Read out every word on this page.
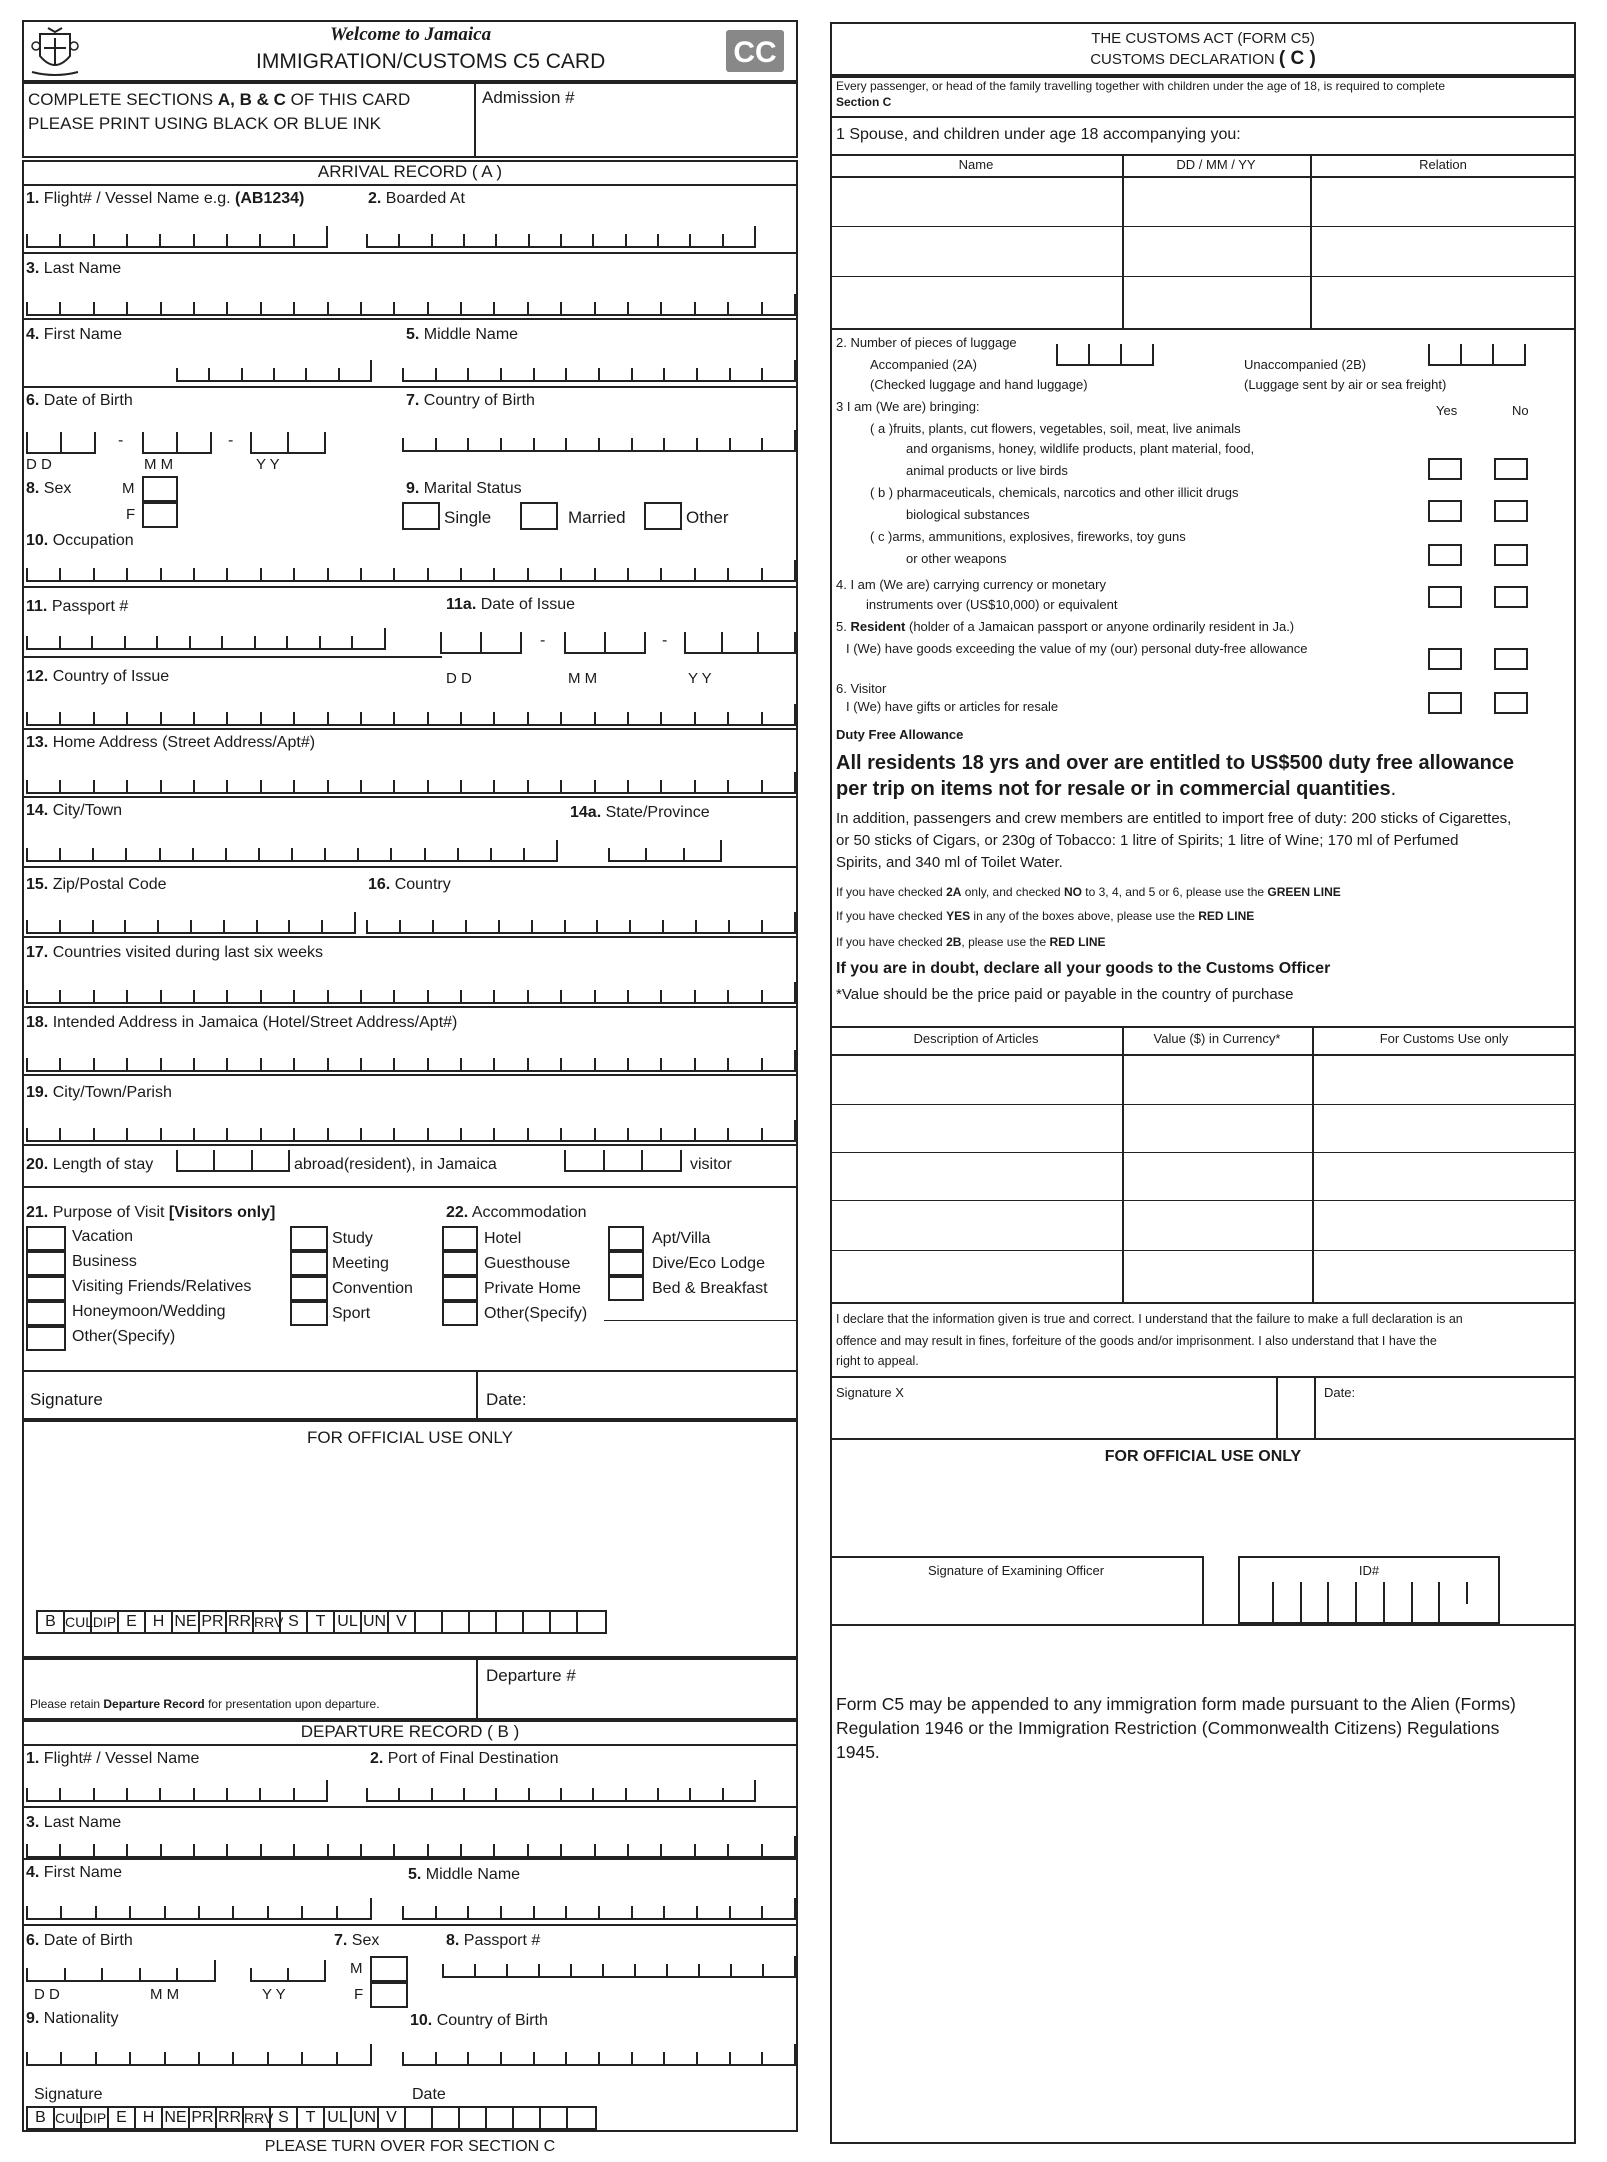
Welcome to Jamaica
IMMIGRATION/CUSTOMS C5 CARD	CC
COMPLETE SECTIONS A, B & C OF THIS CARD
PLEASE PRINT USING BLACK OR BLUE INK
Admission #
ARRIVAL RECORD ( A )
1. Flight# / Vessel Name e.g. (AB1234)	2. Boarded At
3. Last Name
4. First Name	5. Middle Name
6. Date of Birth	7. Country of Birth
-	-
D D	M M	Y Y
8. Sex	M
F
9. Marital Status
Single	Married	Other
10. Occupation
11. Passport #	11a. Date of Issue
-	-
12. Country of Issue	D D	M M	Y Y
13. Home Address (Street Address/Apt#)
14. City/Town	14a. State/Province
15. Zip/Postal Code	16. Country
17. Countries visited during last six weeks
18. Intended Address in Jamaica (Hotel/Street Address/Apt#)
19. City/Town/Parish
20. Length of stay	abroad(resident), in Jamaica	visitor
21. Purpose of Visit [Visitors only]	22. Accommodation
Vacation
Business
Visiting Friends/Relatives
Honeymoon/Wedding
Other(Specify)
Study
Meeting
Convention
Sport
Hotel
Guesthouse
Private Home
Other(Specify)
Apt/Villa
Dive/Eco Lodge
Bed & Breakfast
Signature	Date:
FOR OFFICIAL USE ONLY
B CUL DIP E H NE PR RR RRV S	T UL UN V
Please retain Departure Record for presentation upon departure.
Departure #
DEPARTURE RECORD ( B )
1. Flight# / Vessel Name	2. Port of Final Destination
3. Last Name
4. First Name	5. Middle Name
6. Date of Birth	7. Sex	8. Passport #
M
F
D D	M M	Y Y
9. Nationality	10. Country of Birth
Signature	Date
B CUL DIP E H NE PR RR RRV S	T UL UN V
PLEASE TURN OVER FOR SECTION C
THE CUSTOMS ACT (FORM C5)
CUSTOMS DECLARATION ( C )
Every passenger, or head of the family travelling together with children under the age of 18, is required to complete
Section C
1 Spouse, and children under age 18 accompanying you:
Name	DD / MM / YY	Relation
2. Number of pieces of luggage
Accompanied (2A)
(Checked luggage and hand luggage)
Unaccompanied (2B)
(Luggage sent by air or sea freight)
3 I am (We are) bringing:	Yes	No
( a )fruits, plants, cut flowers, vegetables, soil, meat, live animals
and organisms, honey, wildlife products, plant material, food,
animal products or live birds
( b ) pharmaceuticals, chemicals, narcotics and other illicit drugs
biological substances
( c )arms, ammunitions, explosives, fireworks, toy guns
or other weapons
4. I am (We are) carrying currency or monetary
instruments over (US$10,000) or equivalent
5. Resident (holder of a Jamaican passport or anyone ordinarily resident in Ja.)
I (We) have goods exceeding the value of my (our) personal duty-free allowance
6. Visitor
I (We) have gifts or articles for resale
Duty Free Allowance
All residents 18 yrs and over are entitled to US$500 duty free allowance
per trip on items not for resale or in commercial quantities.
In addition, passengers and crew members are entitled to import free of duty: 200 sticks of Cigarettes,
or 50 sticks of Cigars, or 230g of Tobacco: 1 litre of Spirits; 1 litre of Wine; 170 ml of Perfumed
Spirits, and 340 ml of Toilet Water.
If you have checked 2A only, and checked NO to 3, 4, and 5 or 6, please use the GREEN LINE
If you have checked YES in any of the boxes above, please use the RED LINE
If you have checked 2B, please use the RED LINE
If you are in doubt, declare all your goods to the Customs Officer
*Value should be the price paid or payable in the country of purchase
Description of Articles	Value ($) in Currency*	For Customs Use only
I declare that the information given is true and correct. I understand that the failure to make a full declaration is an
offence and may result in fines, forfeiture of the goods and/or imprisonment. I also understand that I have the
right to appeal.
Signature X	Date:
FOR OFFICIAL USE ONLY
Signature of Examining Officer	ID#
Form C5 may be appended to any immigration form made pursuant to the Alien (Forms)
Regulation 1946 or the Immigration Restriction (Commonwealth Citizens) Regulations
1945.
